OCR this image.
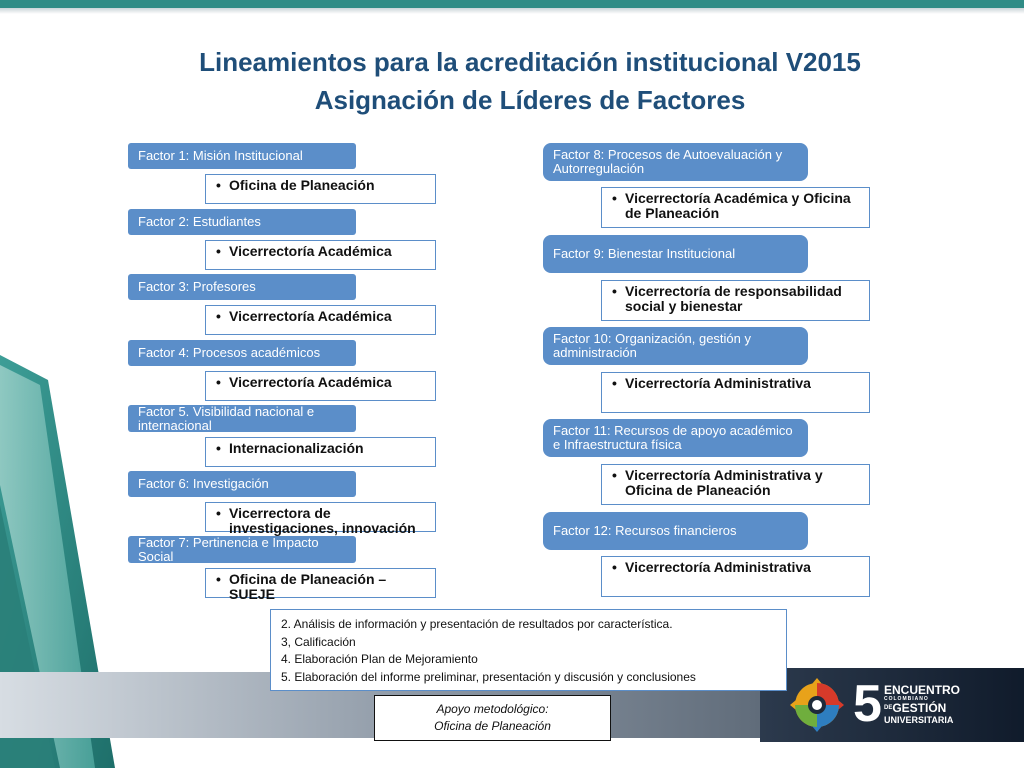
Lineamientos para la acreditación institucional V2015
Asignación de Líderes de Factores
Factor 1: Misión Institucional
• Oficina de Planeación
Factor 2: Estudiantes
• Vicerrectoría Académica
Factor 3: Profesores
• Vicerrectoría Académica
Factor 4: Procesos académicos
• Vicerrectoría Académica
Factor 5. Visibilidad nacional e internacional
• Internacionalización
Factor 6: Investigación
• Vicerrectora de investigaciones, innovación
Factor 7: Pertinencia e Impacto Social
• Oficina de Planeación – SUEJE
Factor 8: Procesos de Autoevaluación y Autorregulación
• Vicerrectoría Académica y Oficina de Planeación
Factor 9: Bienestar Institucional
• Vicerrectoría de responsabilidad social y bienestar
Factor 10: Organización, gestión y administración
• Vicerrectoría Administrativa
Factor 11: Recursos de apoyo académico e Infraestructura física
• Vicerrectoría Administrativa y Oficina de Planeación
Factor 12: Recursos financieros
• Vicerrectoría Administrativa
2. Análisis de información y presentación de resultados por característica.
3, Calificación
4. Elaboración Plan de Mejoramiento
5. Elaboración del informe preliminar, presentación y discusión y conclusiones
Apoyo metodológico:
Oficina de Planeación	5 ENCUENTRO
COLOMBIANO
$^{DE}$GESTIÓN
UNIVERSITARIA
